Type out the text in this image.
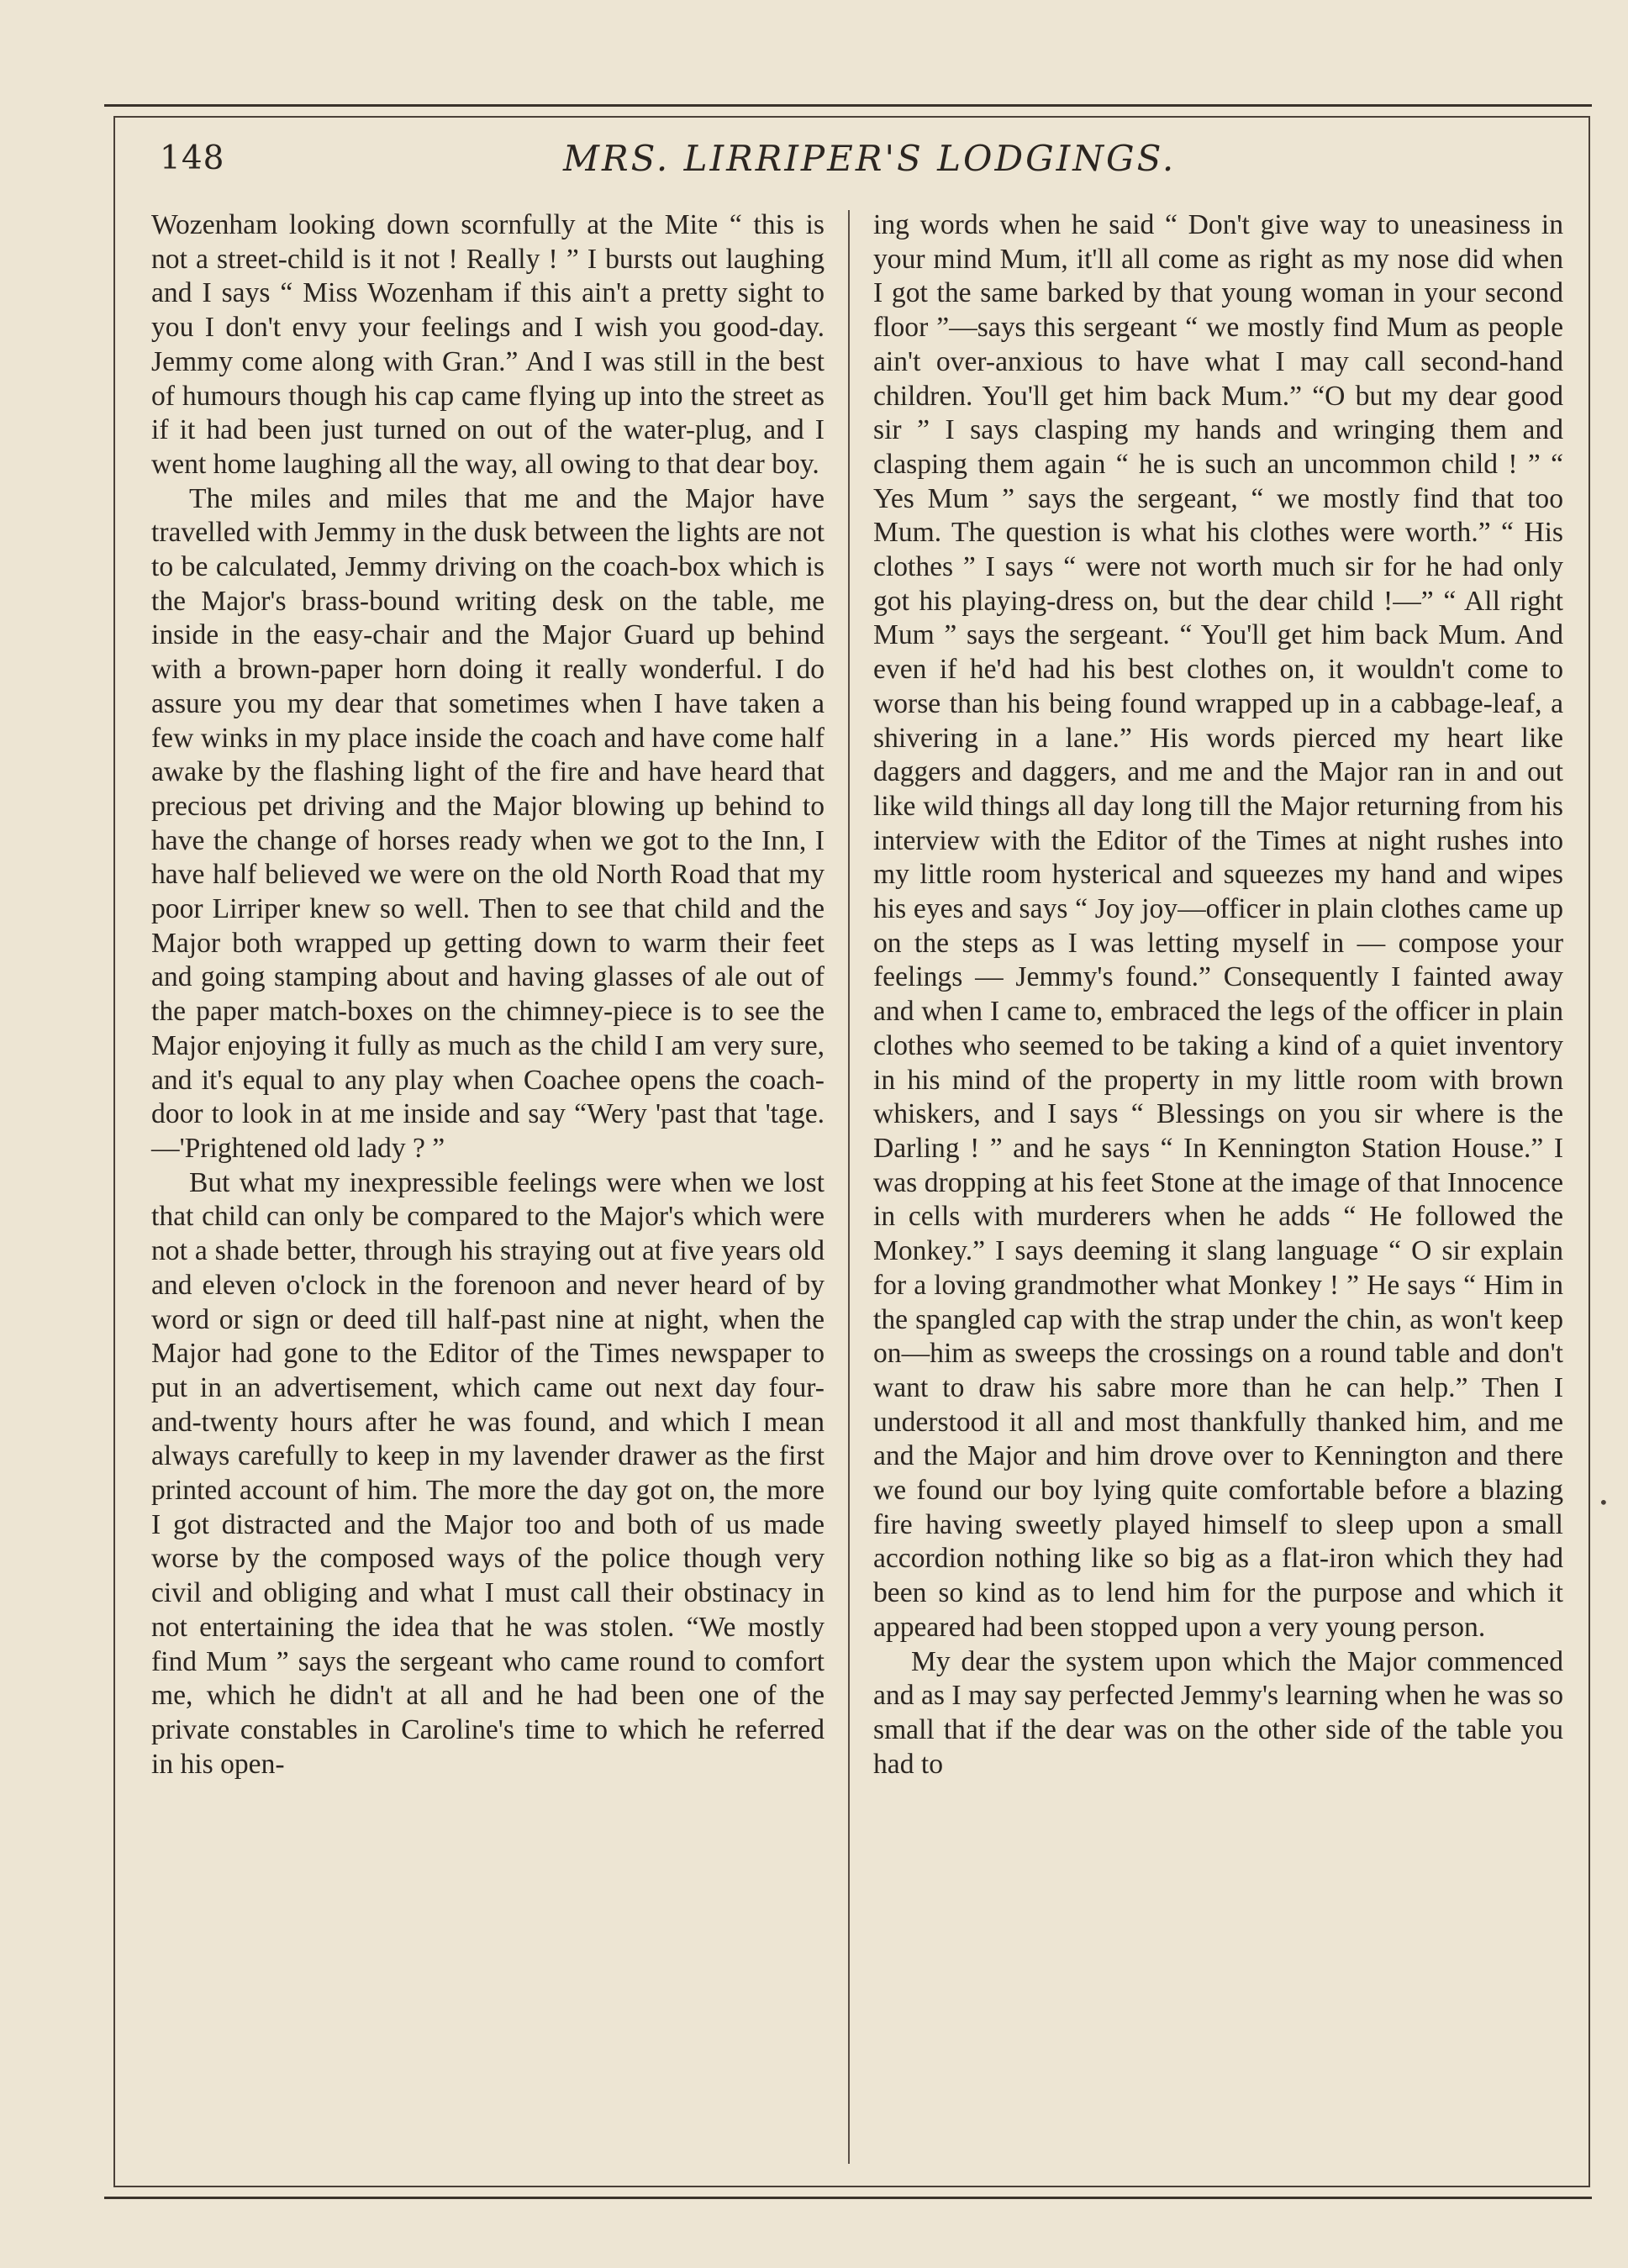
148	MRS. LIRRIPER'S LODGINGS.

Wozenham looking down scornfully at the Mite “ this is not a street-child is it not ! Really ! ” I bursts out laughing and I says “ Miss Wozenham if this ain't a pretty sight to you I don't envy your feelings and I wish you good-day. Jemmy come along with Gran.” And I was still in the best of humours though his cap came flying up into the street as if it had been just turned on out of the water-plug, and I went home laughing all the way, all owing to that dear boy.

The miles and miles that me and the Major have travelled with Jemmy in the dusk between the lights are not to be calculated, Jemmy driving on the coach-box which is the Major's brass-bound writing desk on the table, me inside in the easy-chair and the Major Guard up behind with a brown-paper horn doing it really wonderful. I do assure you my dear that sometimes when I have taken a few winks in my place inside the coach and have come half awake by the flashing light of the fire and have heard that precious pet driving and the Major blowing up behind to have the change of horses ready when we got to the Inn, I have half believed we were on the old North Road that my poor Lirriper knew so well. Then to see that child and the Major both wrapped up getting down to warm their feet and going stamping about and having glasses of ale out of the paper match-boxes on the chimney-piece is to see the Major enjoying it fully as much as the child I am very sure, and it's equal to any play when Coachee opens the coach-door to look in at me inside and say “Wery 'past that 'tage.—'Prightened old lady ? ”

But what my inexpressible feelings were when we lost that child can only be compared to the Major's which were not a shade better, through his straying out at five years old and eleven o'clock in the forenoon and never heard of by word or sign or deed till half-past nine at night, when the Major had gone to the Editor of the Times newspaper to put in an advertisement, which came out next day four-and-twenty hours after he was found, and which I mean always carefully to keep in my lavender drawer as the first printed account of him. The more the day got on, the more I got distracted and the Major too and both of us made worse by the composed ways of the police though very civil and obliging and what I must call their obstinacy in not entertaining the idea that he was stolen. “We mostly find Mum ” says the sergeant who came round to comfort me, which he didn't at all and he had been one of the private constables in Caroline's time to which he referred in his open-

ing words when he said “ Don't give way to uneasiness in your mind Mum, it'll all come as right as my nose did when I got the same barked by that young woman in your second floor ”—says this sergeant “ we mostly find Mum as people ain't over-anxious to have what I may call second-hand children. You'll get him back Mum.” “O but my dear good sir ” I says clasping my hands and wringing them and clasping them again “ he is such an uncommon child ! ” “ Yes Mum ” says the sergeant, “ we mostly find that too Mum. The question is what his clothes were worth.” “ His clothes ” I says “ were not worth much sir for he had only got his playing-dress on, but the dear child !—” “ All right Mum ” says the sergeant. “ You'll get him back Mum. And even if he'd had his best clothes on, it wouldn't come to worse than his being found wrapped up in a cabbage-leaf, a shivering in a lane.” His words pierced my heart like daggers and daggers, and me and the Major ran in and out like wild things all day long till the Major returning from his interview with the Editor of the Times at night rushes into my little room hysterical and squeezes my hand and wipes his eyes and says “ Joy joy—officer in plain clothes came up on the steps as I was letting myself in — compose your feelings — Jemmy's found.” Consequently I fainted away and when I came to, embraced the legs of the officer in plain clothes who seemed to be taking a kind of a quiet inventory in his mind of the property in my little room with brown whiskers, and I says “ Blessings on you sir where is the Darling ! ” and he says “ In Kennington Station House.” I was dropping at his feet Stone at the image of that Innocence in cells with murderers when he adds “ He followed the Monkey.” I says deeming it slang language “ O sir explain for a loving grandmother what Monkey ! ” He says “ Him in the spangled cap with the strap under the chin, as won't keep on—him as sweeps the crossings on a round table and don't want to draw his sabre more than he can help.” Then I understood it all and most thankfully thanked him, and me and the Major and him drove over to Kennington and there we found our boy lying quite comfortable before a blazing fire having sweetly played himself to sleep upon a small accordion nothing like so big as a flat-iron which they had been so kind as to lend him for the purpose and which it appeared had been stopped upon a very young person.

My dear the system upon which the Major commenced and as I may say perfected Jemmy's learning when he was so small that if the dear was on the other side of the table you had to

•
